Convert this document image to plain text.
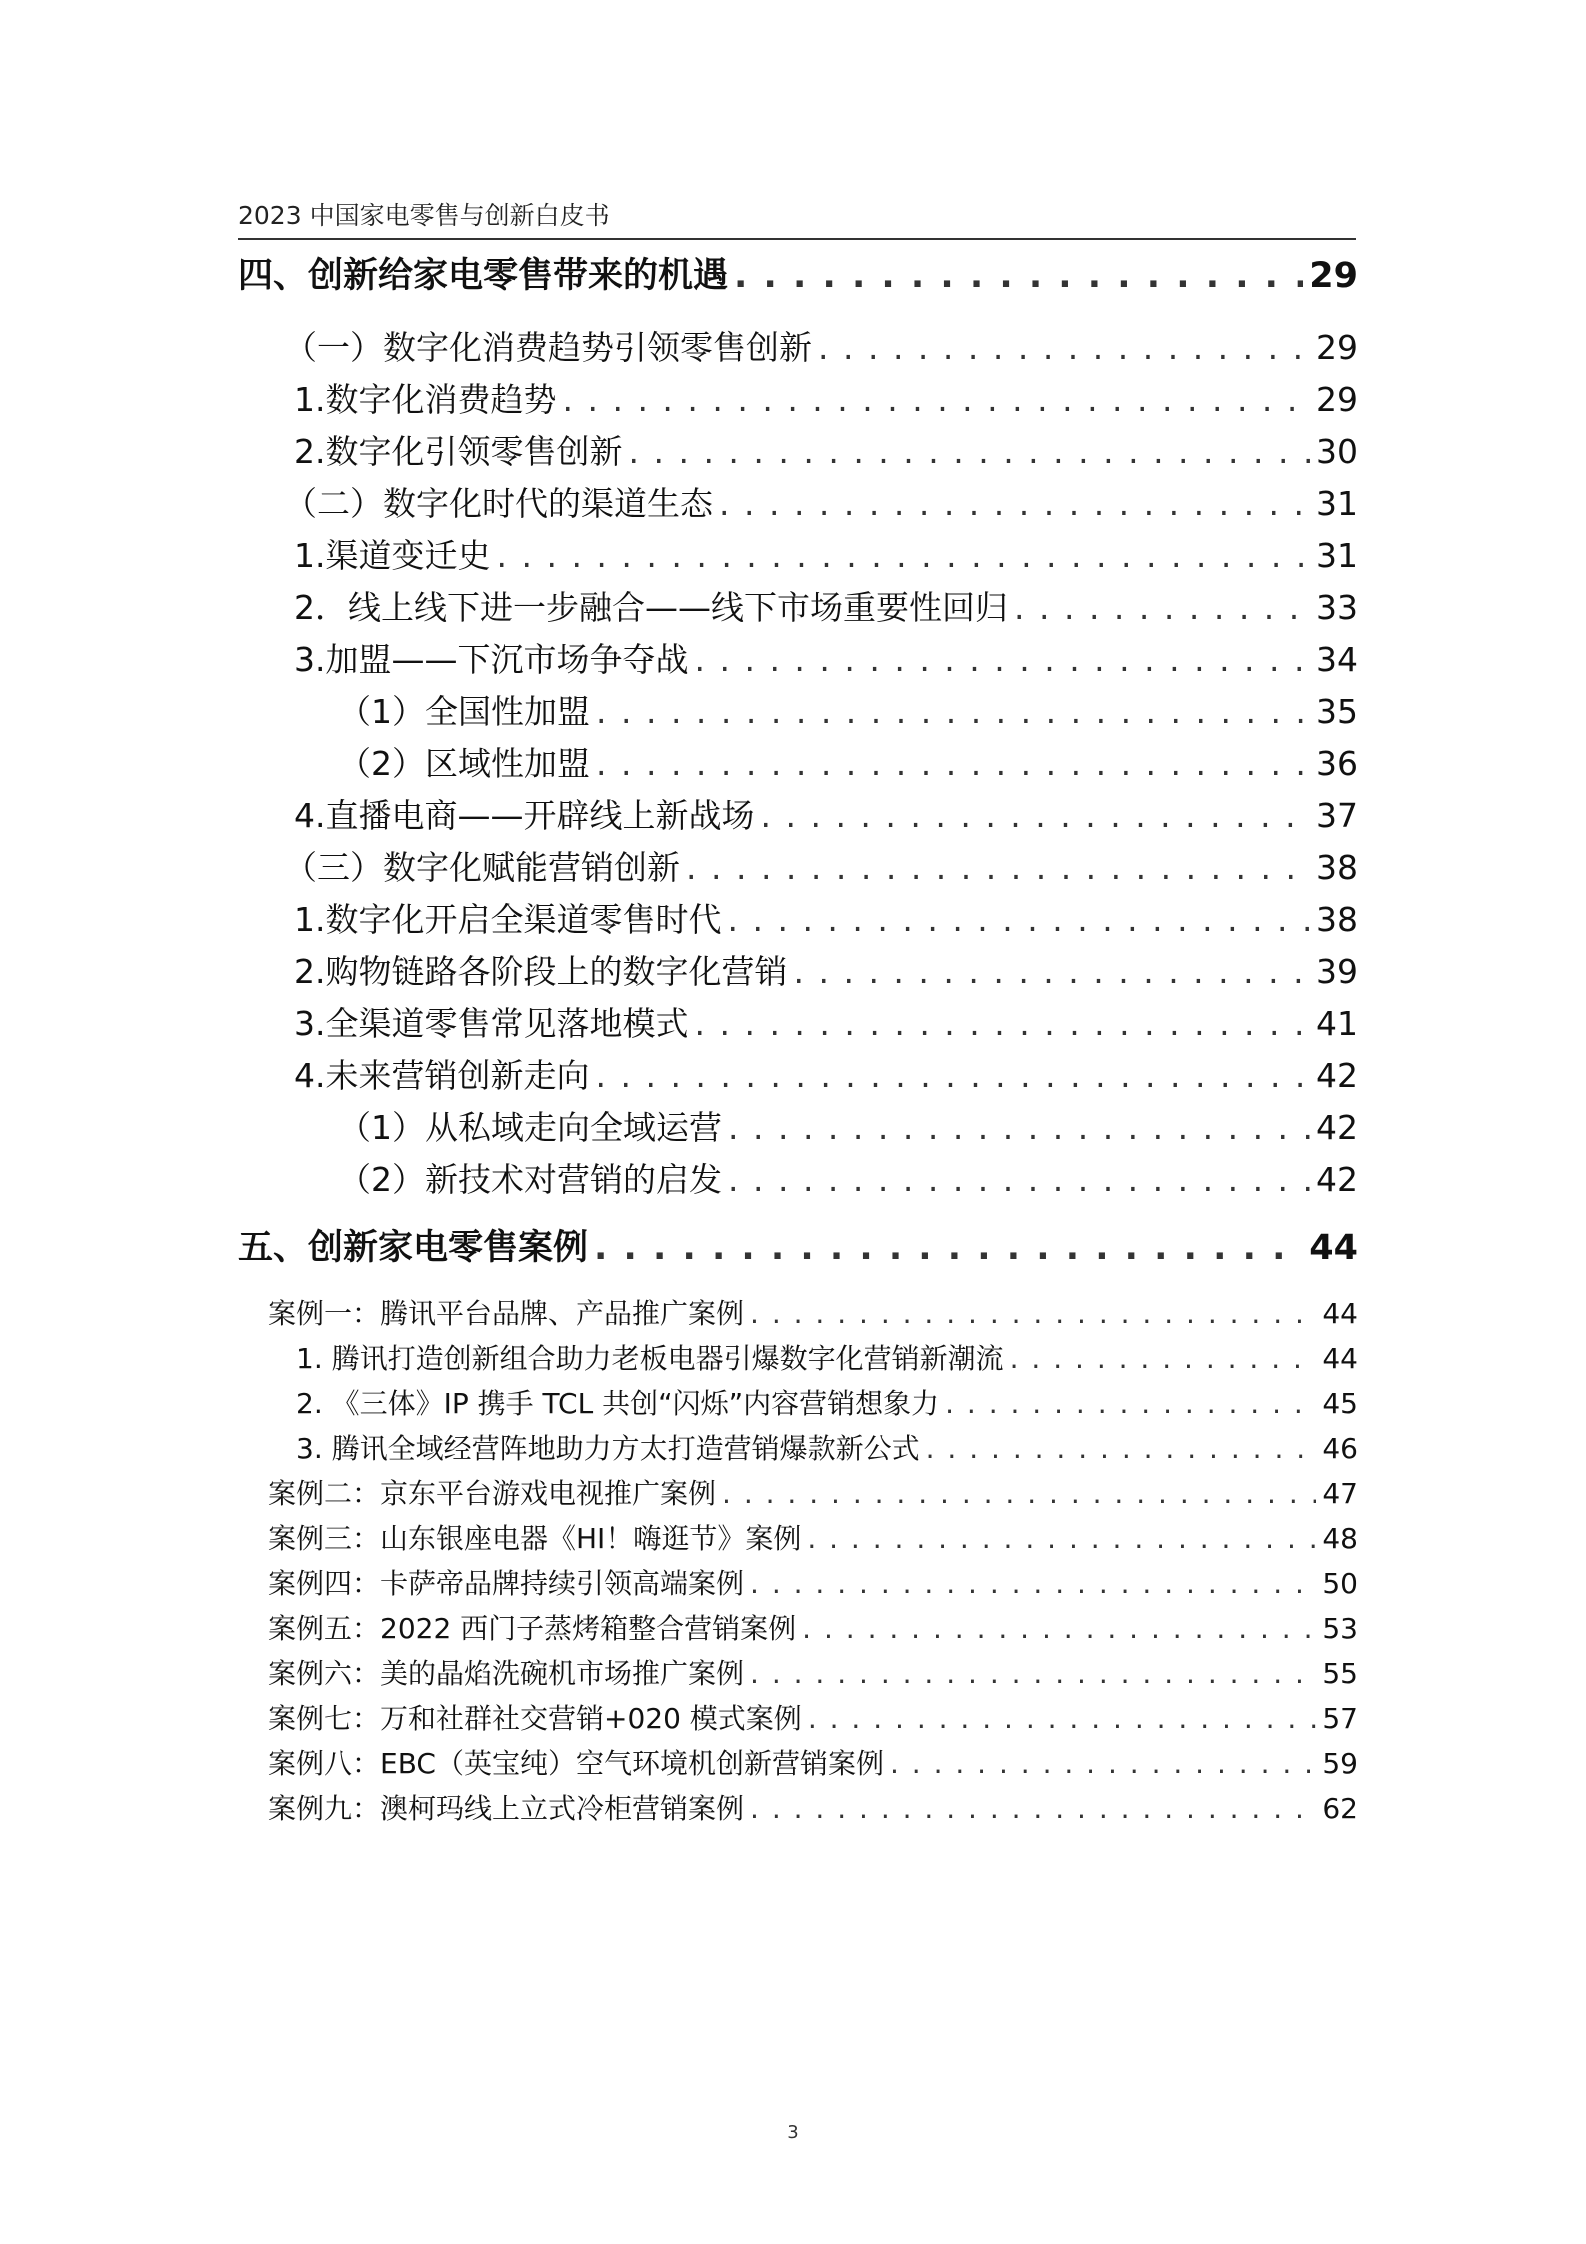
2023 中国家电零售与创新白皮书
四、创新给家电零售带来的机遇 . . .	29
（一）数字化消费趋势引领零售创新 . . .	29
1.数字化消费趋势 . . .	29
2.数字化引领零售创新 . . .	30
（二）数字化时代的渠道生态 . . .	31
1.渠道变迁史 . . .	31
2．线上线下进一步融合——线下市场重要性回归 . . .	33
3.加盟——下沉市场争夺战 . . .	34
（1）全国性加盟 . . .	35
（2）区域性加盟 . . .	36
4.直播电商——开辟线上新战场 . . .	37
（三）数字化赋能营销创新 . . .	38
1.数字化开启全渠道零售时代 . . .	38
2.购物链路各阶段上的数字化营销 . . .	39
3.全渠道零售常见落地模式 . . .	41
4.未来营销创新走向 . . .	42
（1）从私域走向全域运营 . . .	42
（2）新技术对营销的启发 . . .	42
五、创新家电零售案例 . . .	44
案例一：腾讯平台品牌、产品推广案例 . . .	44
1. 腾讯打造创新组合助力老板电器引爆数字化营销新潮流 . . .	44
2. 《三体》IP 携手 TCL 共创“闪烁”内容营销想象力 . . .	45
3. 腾讯全域经营阵地助力方太打造营销爆款新公式 . . .	46
案例二：京东平台游戏电视推广案例 . . .	47
案例三：山东银座电器《HI！嗨逛节》案例 . . .	48
案例四：卡萨帝品牌持续引领高端案例 . . .	50
案例五：2022 西门子蒸烤箱整合营销案例 . . .	53
案例六：美的晶焰洗碗机市场推广案例 . . .	55
案例七：万和社群社交营销+020 模式案例 . . .	57
案例八：EBC（英宝纯）空气环境机创新营销案例 . . .	59
案例九：澳柯玛线上立式冷柜营销案例 . . .	62
3
